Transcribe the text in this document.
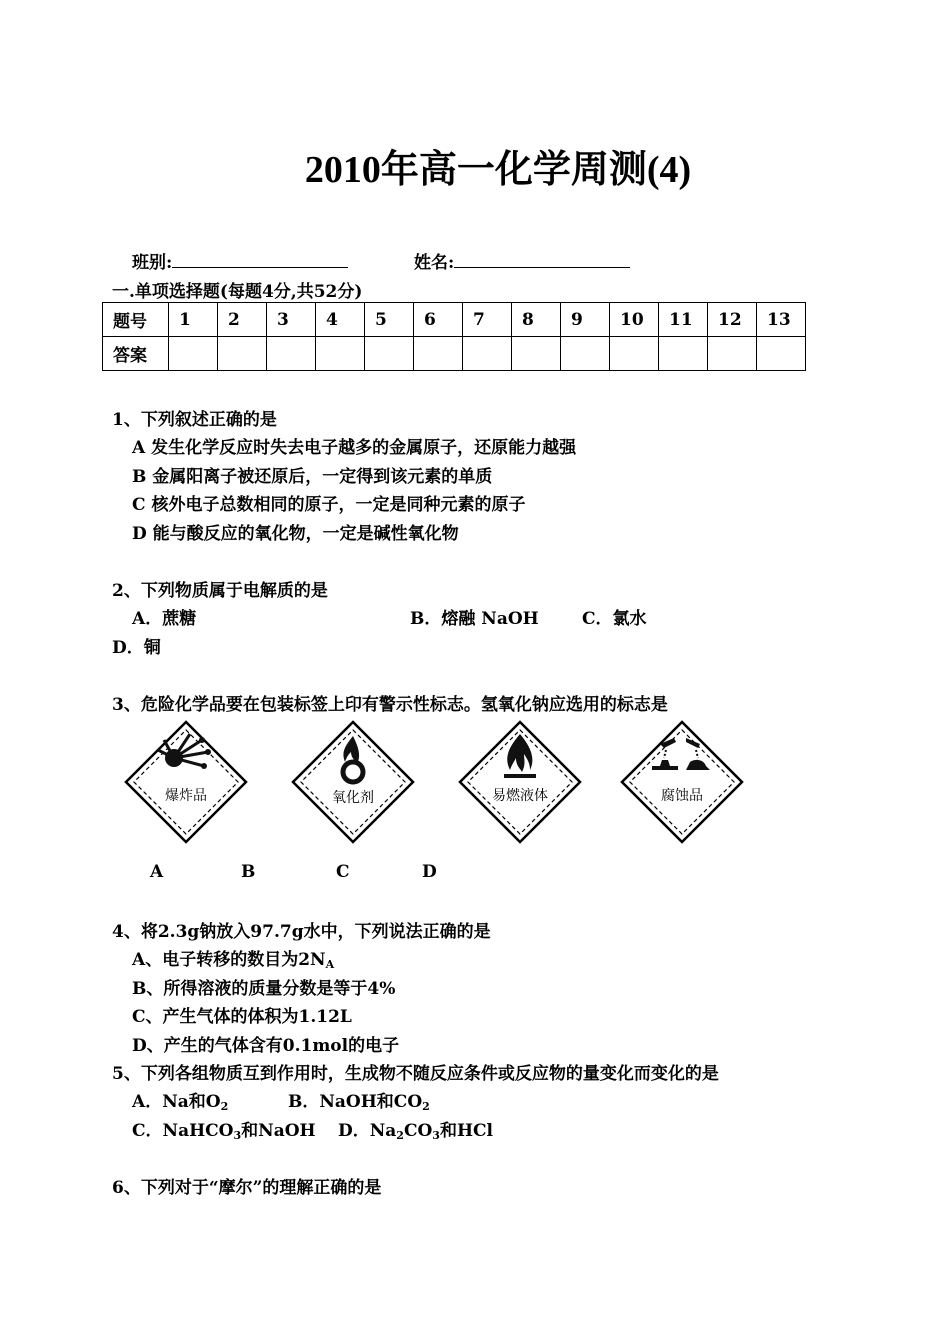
2010年高一化学周测(4)
班别:	姓名:
一.单项选择题(每题4分,共52分)
题号	1	2	3	4	5	6	7	8	9	10	11	12	13
答案													
1、下列叙述正确的是
A 发生化学反应时失去电子越多的金属原子，还原能力越强
B 金属阳离子被还原后，一定得到该元素的单质
C 核外电子总数相同的原子，一定是同种元素的原子
D 能与酸反应的氧化物，一定是碱性氧化物
2、下列物质属于电解质的是
A．蔗糖	B．熔融 NaOH	C．氯水
D．铜
3、危险化学品要在包装标签上印有警示性标志。氢氧化钠应选用的标志是
爆炸品	氧化剂	易燃液体	腐蚀品
A	B	C	D
4、将2.3g钠放入97.7g水中，下列说法正确的是
A、电子转移的数目为$2N_A$
B、所得溶液的质量分数是等于4%
C、产生气体的体积为1.12L
D、产生的气体含有0.1mol的电子
5、下列各组物质互到作用时，生成物不随反应条件或反应物的量变化而变化的是
A．Na和$O_2$	B．NaOH和$CO_2$
C．NaHCO$_3$和NaOH D．$Na_2CO_3$和HCl
6、下列对于“摩尔”的理解正确的是
